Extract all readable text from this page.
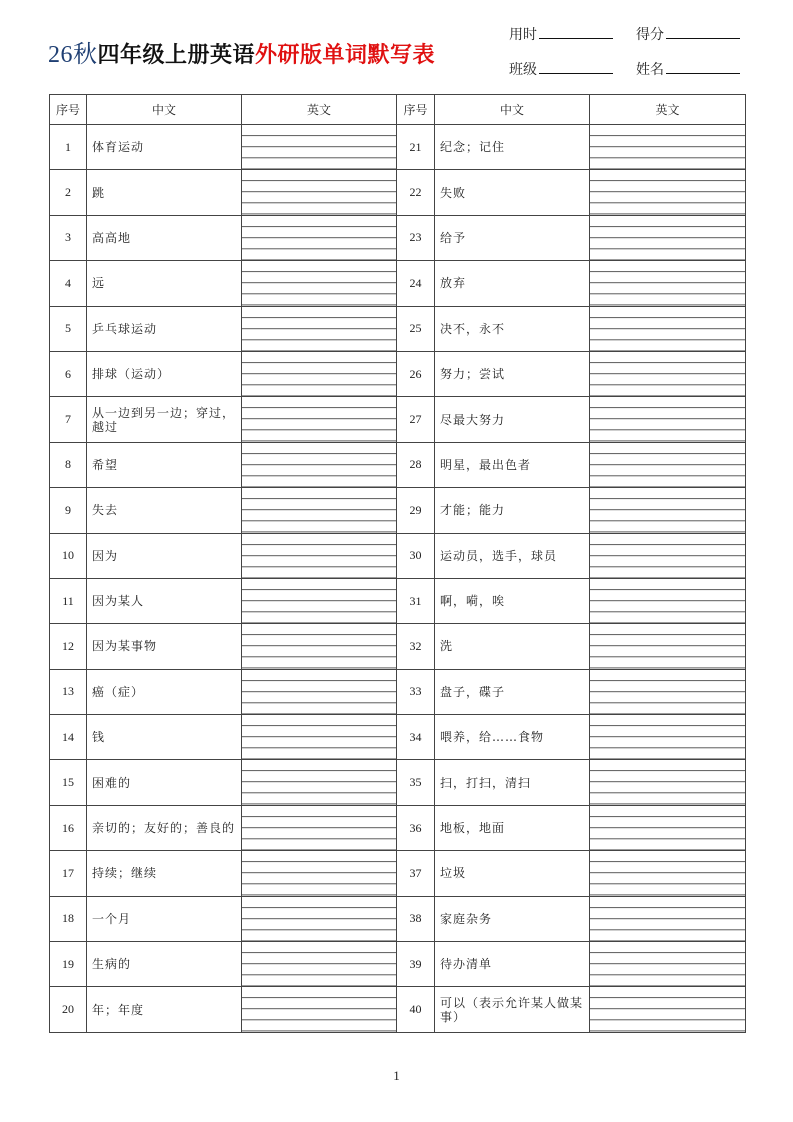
26秋四年级上册英语外研版单词默写表
用时	得分
班级	姓名
序号	中文	英文	序号	中文	英文
1	体育运动		21	纪念；记住	

2	跳		22	失败	

3	高高地		23	给予	

4	远		24	放弃	

5	乒乓球运动		25	决不，永不	

6	排球（运动）		26	努力；尝试	

7	从一边到另一边；穿过，越过		27	尽最大努力	

8	希望		28	明星，最出色者	

9	失去		29	才能；能力	

10	因为		30	运动员，选手，球员	

11	因为某人		31	啊，嗬，唉	

12	因为某事物		32	洗	

13	癌（症）		33	盘子，碟子	

14	钱		34	喂养，给……食物	

15	困难的		35	扫，打扫，清扫	

16	亲切的；友好的；善良的		36	地板，地面	

17	持续；继续		37	垃圾	

18	一个月		38	家庭杂务	

19	生病的		39	待办清单	

20	年；年度		40	可以（表示允许某人做某事）	
1
